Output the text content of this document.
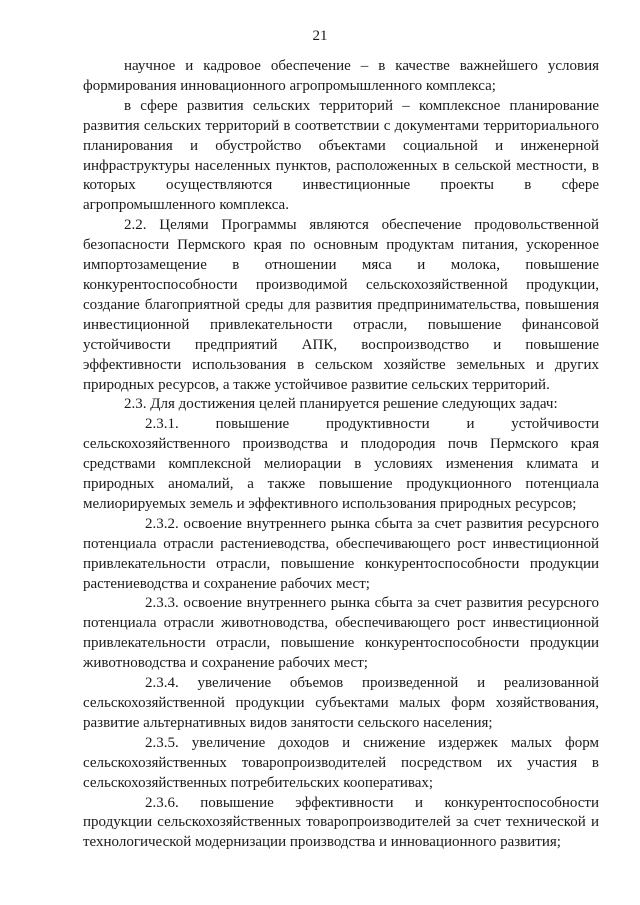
21

научное и кадровое обеспечение – в качестве важнейшего условия формирования инновационного агропромышленного комплекса;

в сфере развития сельских территорий – комплексное планирование развития сельских территорий в соответствии с документами территориального планирования и обустройство объектами социальной и инженерной инфраструктуры населенных пунктов, расположенных в сельской местности, в которых осуществляются инвестиционные проекты в сфере агропромышленного комплекса.

2.2. Целями Программы являются обеспечение продовольственной безопасности Пермского края по основным продуктам питания, ускоренное импортозамещение в отношении мяса и молока, повышение конкурентоспособности производимой сельскохозяйственной продукции, создание благоприятной среды для развития предпринимательства, повышения инвестиционной привлекательности отрасли, повышение финансовой устойчивости предприятий АПК, воспроизводство и повышение эффективности использования в сельском хозяйстве земельных и других природных ресурсов, а также устойчивое развитие сельских территорий.

2.3. Для достижения целей планируется решение следующих задач:

2.3.1. повышение продуктивности и устойчивости сельскохозяйственного производства и плодородия почв Пермского края средствами комплексной мелиорации в условиях изменения климата и природных аномалий, а также повышение продукционного потенциала мелиорируемых земель и эффективного использования природных ресурсов;

2.3.2. освоение внутреннего рынка сбыта за счет развития ресурсного потенциала отрасли растениеводства, обеспечивающего рост инвестиционной привлекательности отрасли, повышение конкурентоспособности продукции растениеводства и сохранение рабочих мест;

2.3.3. освоение внутреннего рынка сбыта за счет развития ресурсного потенциала отрасли животноводства, обеспечивающего рост инвестиционной привлекательности отрасли, повышение конкурентоспособности продукции животноводства и сохранение рабочих мест;

2.3.4. увеличение объемов произведенной и реализованной сельскохозяйственной продукции субъектами малых форм хозяйствования, развитие альтернативных видов занятости сельского населения;

2.3.5. увеличение доходов и снижение издержек малых форм сельскохозяйственных товаропроизводителей посредством их участия в сельскохозяйственных потребительских кооперативах;

2.3.6. повышение эффективности и конкурентоспособности продукции сельскохозяйственных товаропроизводителей за счет технической и технологической модернизации производства и инновационного развития;
